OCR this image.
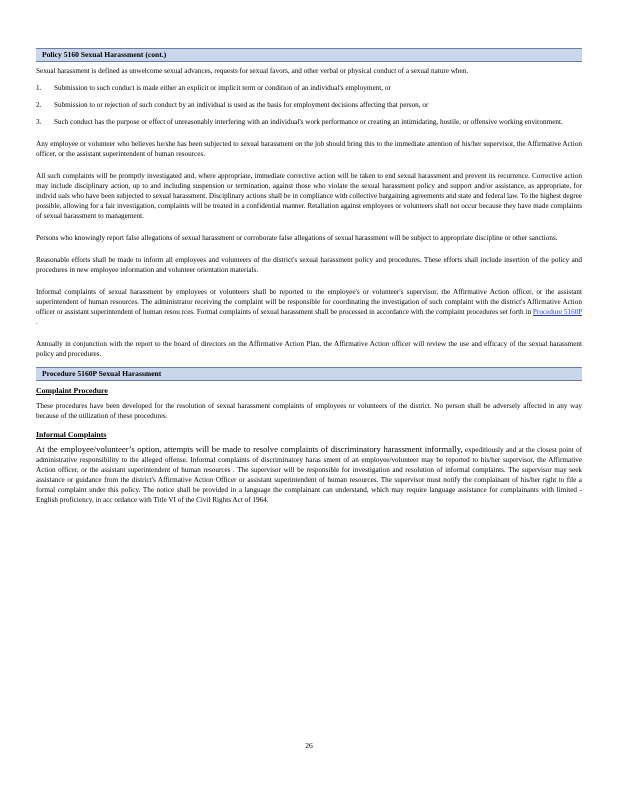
Policy 5160 Sexual Harassment (cont.)

Sexual harassment is defined as unwelcome sexual advances, requests for sexual favors, and other verbal or physical conduct of a sexual nature when.

1.	Submission to such conduct is made either an explicit or implicit term or condition of an individual's employment, or
2.	Submission to or rejection of such conduct by an individual is used as the basis for employment decisions affecting that person, or
3.	Such conduct has the purpose or effect of unreasonably interfering with an individual's work performance or creating an intimidating, hostile, or offensive working environment.

Any employee or volunteer who believes he/she has been subjected to sexual harassment on the job should bring this to the immediate attention of his/her supervisor, the Affirmative Action officer, or the assistant superintendent of human resources.

All such complaints will be promptly investigated and, where appropriate, immediate corrective action will be taken to end sexual harassment and prevent its recurrence. Corrective action may include disciplinary action, up to and including suspension or termination, against those who violate the sexual harassment policy and support and/or assistance, as appropriate, for individ uals who have been subjected to sexual harassment. Disciplinary actions shall be in compliance with collective bargaining agreements and state and federal law. To the highest degree possible, allowing for a fair investigation, complaints will be treated in a confidential manner. Retaliation against employees or volunteers shall not occur because they have made complaints of sexual harassment to management.

Persons who knowingly report false allegations of sexual harassment or corroborate false allegations of sexual harassment will be subject to appropriate discipline or other sanctions.

Reasonable efforts shall be made to inform all employees and volunteers of the district's sexual harassment policy and procedures. These efforts shall include insertion of the policy and procedures in new employee information and volunteer orientation materials.

Informal complaints of sexual harassment by employees or volunteers shall be reported to the employee's or volunteer's supervisor, the Affirmative Action officer, or the assistant superintendent of human resources. The administrator receiving the complaint will be responsible for coordinating the investigation of such complaint with the district's Affirmative Action officer or assistant superintendent of human resou rces. Formal complaints of sexual harassment shall be processed in accordance with the complaint procedures set forth in Procedure 5160P .

Annually in conjunction with the report to the board of directors on the Affirmative Action Plan, the Affirmative Action officer will review the use and efficacy of the sexual harassment policy and procedures.

Procedure 5160P Sexual Harassment

Complaint Procedure

These procedures have been developed for the resolution of sexual harassment complaints of employees or volunteers of the district. No person shall be adversely affected in any way because of the utilization of these procedures.

Informal Complaints

At the employee/volunteer’s option, attempts will be made to resolve complaints of discriminatory harassment informally, expeditiously and at the closest point of administrative responsibility to the alleged offense. Informal complaints of discriminatory haras sment of an employee/volunteer may be reported to his/her supervisor, the Affirmative Action officer, or the assistant superintendent of human resources . The supervisor will be responsible for investigation and resolution of informal complaints. The supervisor may seek assistance or guidance from the district's Affirmative Action Officer or assistant superintendent of human resources. The supervisor must notify the complainant of his/her right to file a formal complaint under this policy. The notice shall be provided in a language the complainant can understand, which may require language assistance for complainants with limited - English proficiency, in acc ordance with Title VI of the Civil Rights Act of 1964.

26
